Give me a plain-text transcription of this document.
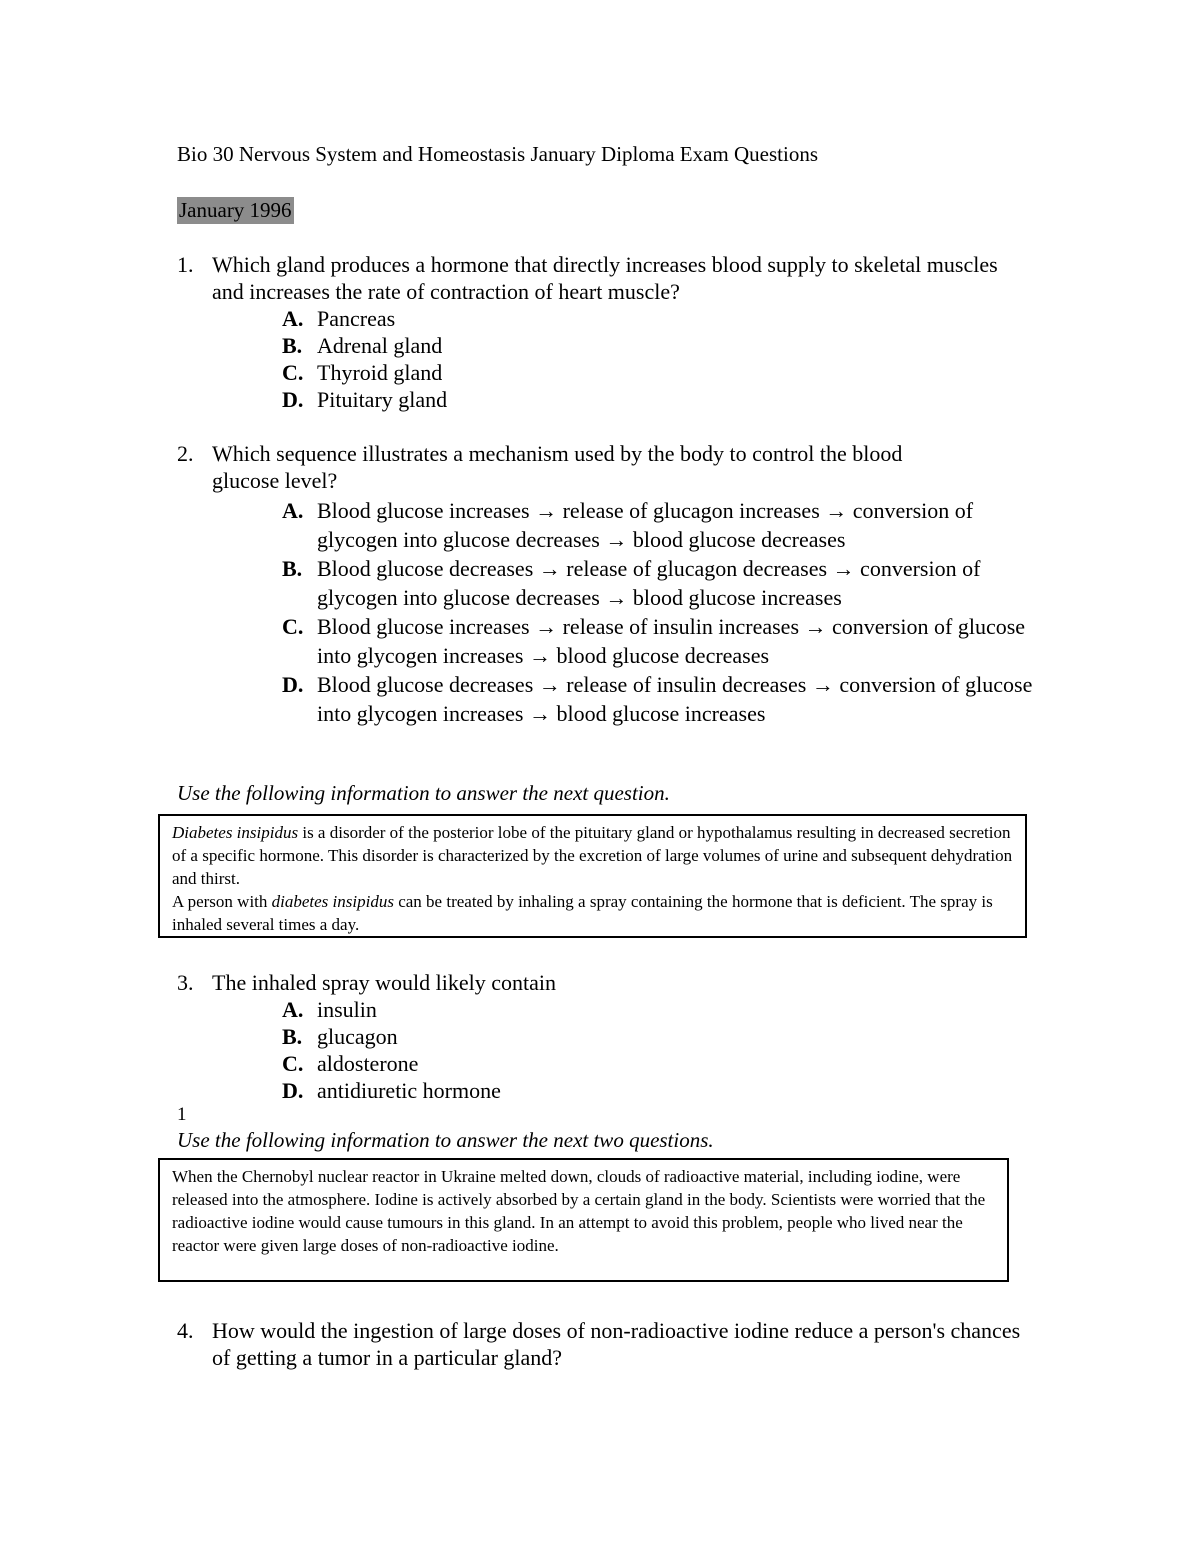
Bio 30 Nervous System and Homeostasis January Diploma Exam Questions
January 1996
1. Which gland produces a hormone that directly increases blood supply to skeletal muscles and increases the rate of contraction of heart muscle?
A. Pancreas
B. Adrenal gland
C. Thyroid gland
D. Pituitary gland
2. Which sequence illustrates a mechanism used by the body to control the blood glucose level?
A. Blood glucose increases → release of glucagon increases → conversion of glycogen into glucose decreases → blood glucose decreases
B. Blood glucose decreases → release of glucagon decreases → conversion of glycogen into glucose decreases → blood glucose increases
C. Blood glucose increases → release of insulin increases → conversion of glucose into glycogen increases → blood glucose decreases
D. Blood glucose decreases → release of insulin decreases → conversion of glucose into glycogen increases → blood glucose increases
Use the following information to answer the next question.

Diabetes insipidus is a disorder of the posterior lobe of the pituitary gland or hypothalamus resulting in decreased secretion of a specific hormone. This disorder is characterized by the excretion of large volumes of urine and subsequent dehydration and thirst.

A person with diabetes insipidus can be treated by inhaling a spray containing the hormone that is deficient. The spray is inhaled several times a day.

3. The inhaled spray would likely contain
A. insulin
B. glucagon
C. aldosterone
D. antidiuretic hormone
1
Use the following information to answer the next two questions.

When the Chernobyl nuclear reactor in Ukraine melted down, clouds of radioactive material, including iodine, were released into the atmosphere. Iodine is actively absorbed by a certain gland in the body. Scientists were worried that the radioactive iodine would cause tumours in this gland. In an attempt to avoid this problem, people who lived near the reactor were given large doses of non-radioactive iodine.

4. How would the ingestion of large doses of non-radioactive iodine reduce a person's chances of getting a tumor in a particular gland?
